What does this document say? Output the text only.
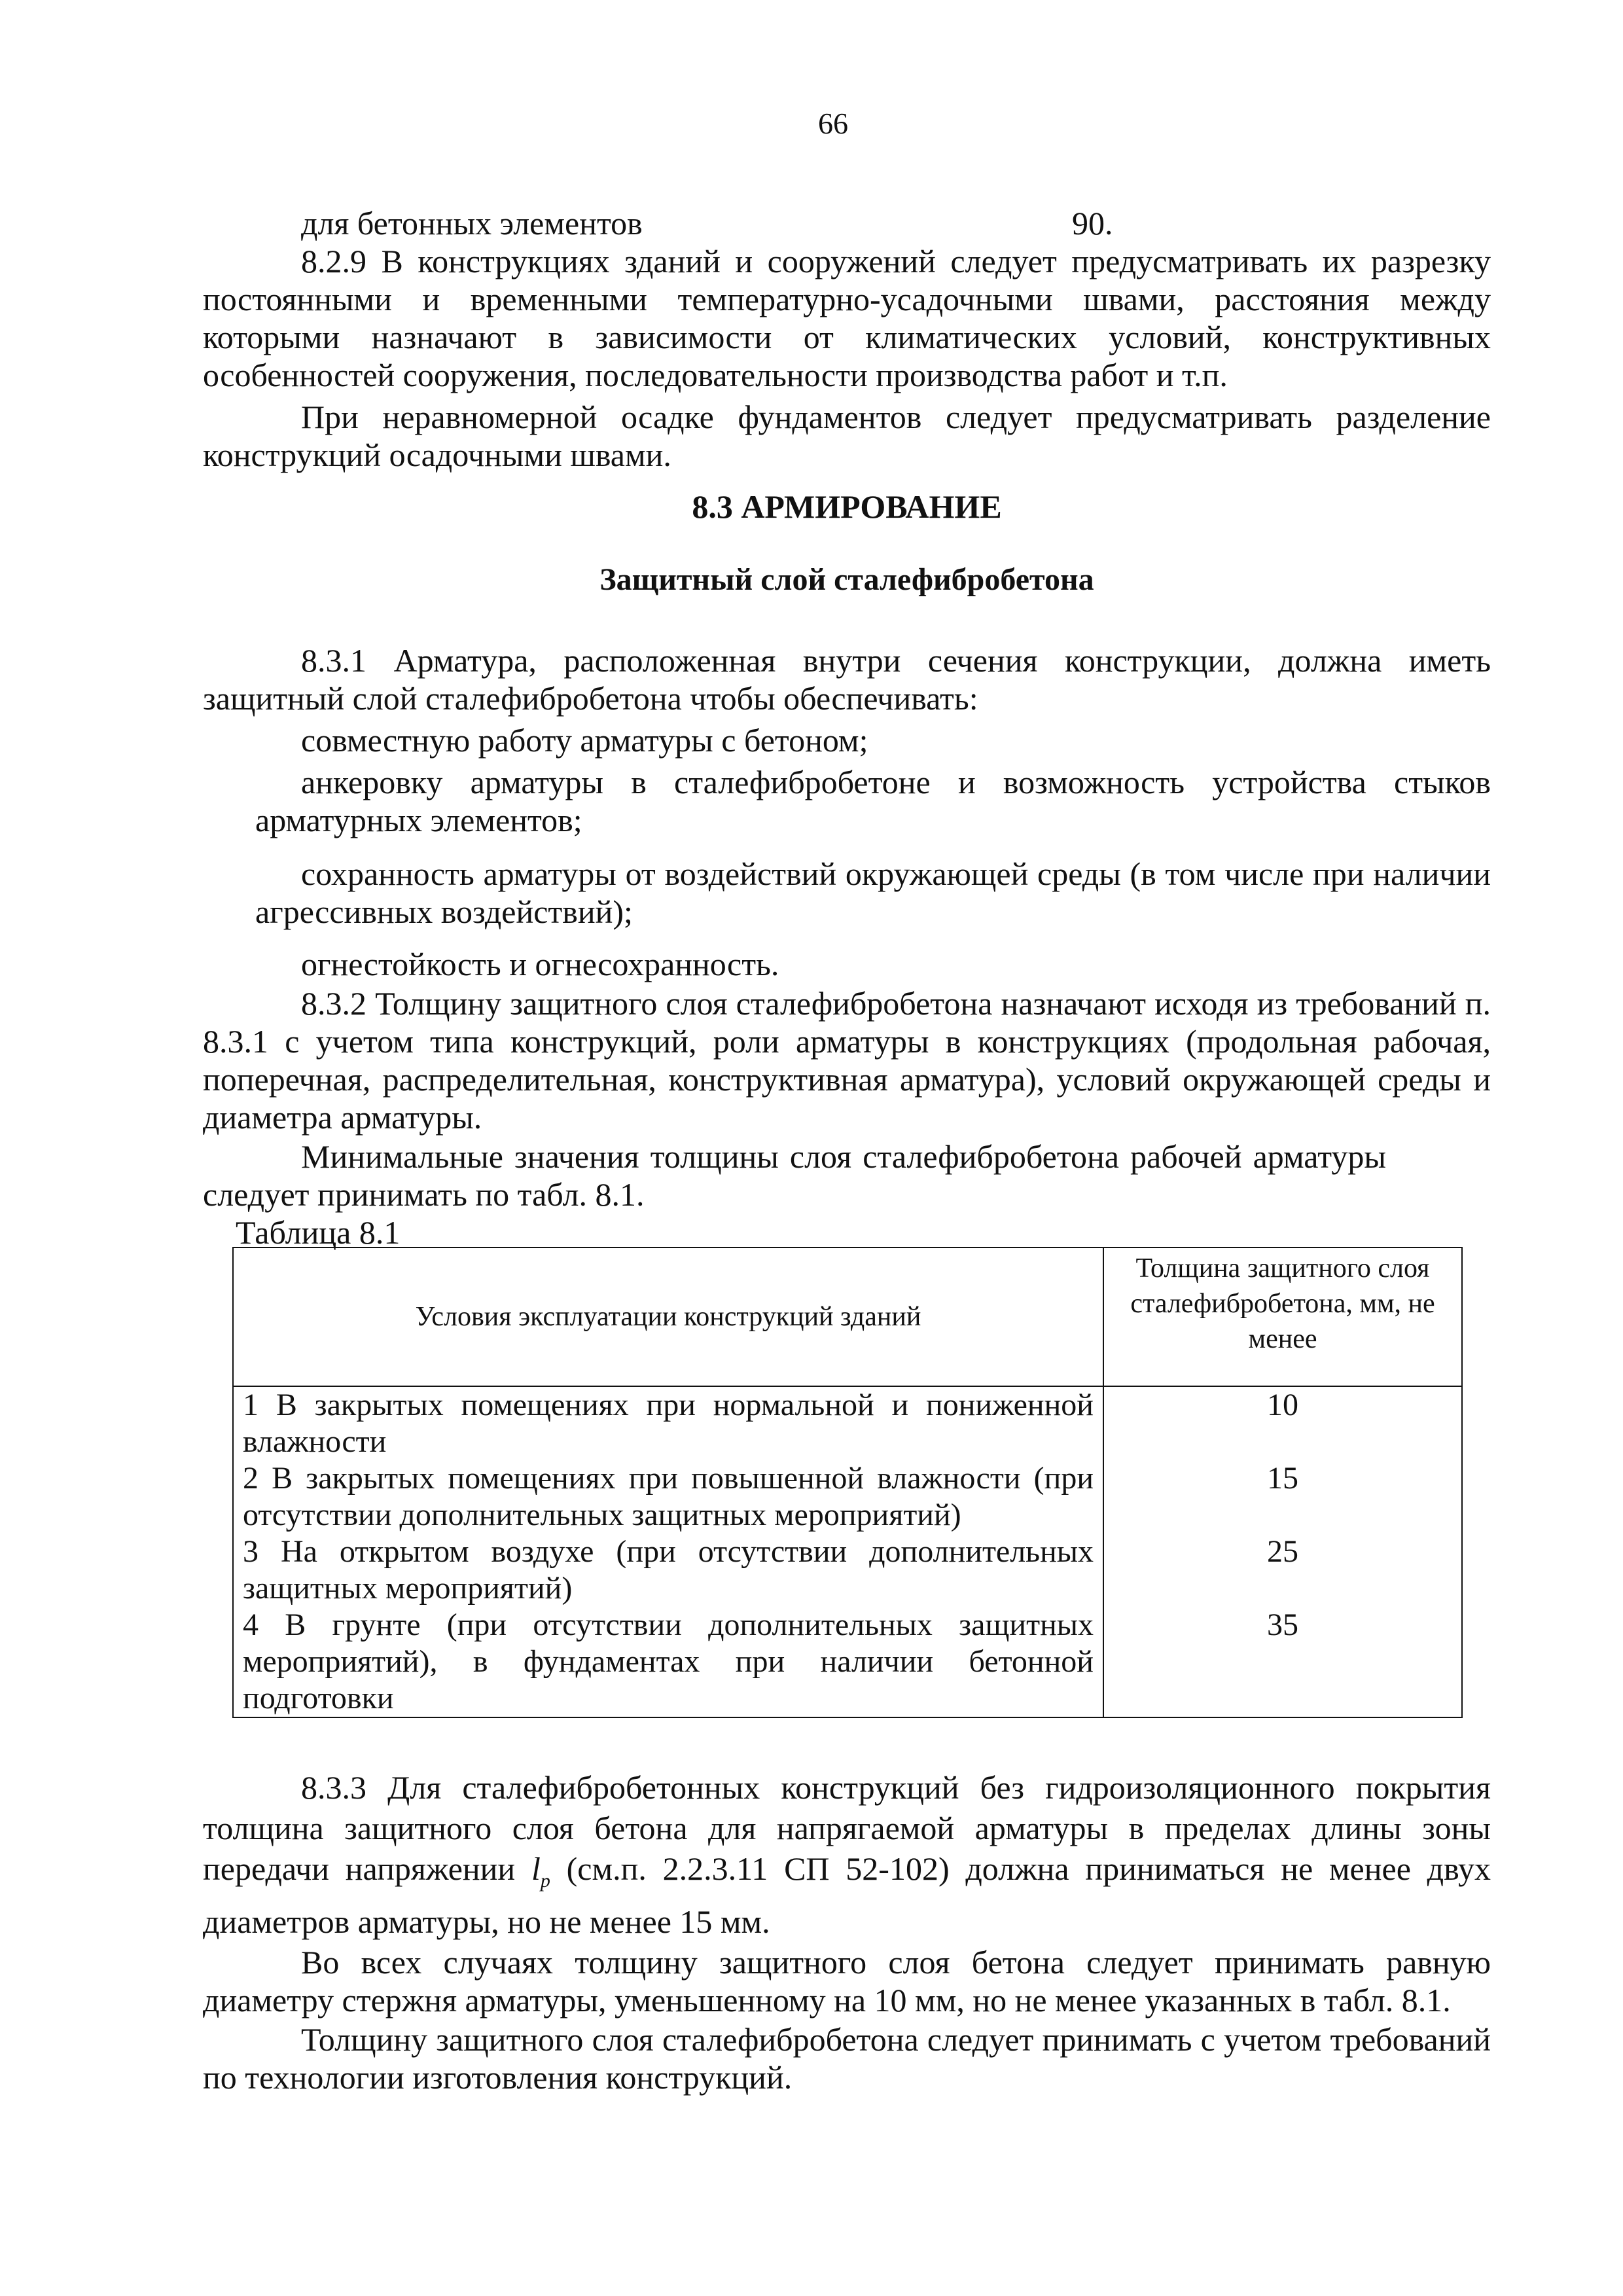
66
для бетонных элементов	90.

8.2.9 В конструкциях зданий и сооружений следует предусматривать их разрезку постоянными и временными температурно-усадочными швами, расстояния между которыми назначают в зависимости от климатических условий, конструктивных особенностей сооружения, последовательности производства работ и т.п.

При неравномерной осадке фундаментов следует предусматривать разделение конструкций осадочными швами.

8.3 АРМИРОВАНИЕ

Защитный слой сталефибробетона

8.3.1 Арматура, расположенная внутри сечения конструкции, должна иметь защитный слой сталефибробетона чтобы обеспечивать:

совместную работу арматуры с бетоном;

анкеровку арматуры в сталефибробетоне и возможность устройства стыков арматурных элементов;

сохранность арматуры от воздействий окружающей среды (в том числе при наличии агрессивных воздействий);

огнестойкость и огнесохранность.

8.3.2 Толщину защитного слоя сталефибробетона назначают исходя из требований п. 8.3.1 с учетом типа конструкций, роли арматуры в конструкциях (продольная рабочая, поперечная, распределительная, конструктивная арматура), условий окружающей среды и диаметра арматуры.

Минимальные значения толщины слоя сталефибробетона рабочей арматуры следует принимать по табл. 8.1.

Таблица 8.1

Условия эксплуатации конструкций зданий	Толщина защитного слоя сталефибробетона, мм, не менее

1 В закрытых помещениях при нормальной и пониженной влажности	10

2 В закрытых помещениях при повышенной влажности (при отсутствии дополнительных защитных мероприятий)	15

3 На открытом воздухе (при отсутствии дополнительных защитных мероприятий)	25

4 В грунте (при отсутствии дополнительных защитных мероприятий), в фундаментах при наличии бетонной подготовки	35

8.3.3 Для сталефибробетонных конструкций без гидроизоляционного покрытия толщина защитного слоя бетона для напрягаемой арматуры в пределах длины зоны передачи напряжении $l_p$ (см.п. 2.2.3.11 СП 52-102) должна приниматься не менее двух диаметров арматуры, но не менее 15 мм.

Во всех случаях толщину защитного слоя бетона следует принимать равную диаметру стержня арматуры, уменьшенному на 10 мм, но не менее указанных в табл. 8.1.

Толщину защитного слоя сталефибробетона следует принимать с учетом требований по технологии изготовления конструкций.
